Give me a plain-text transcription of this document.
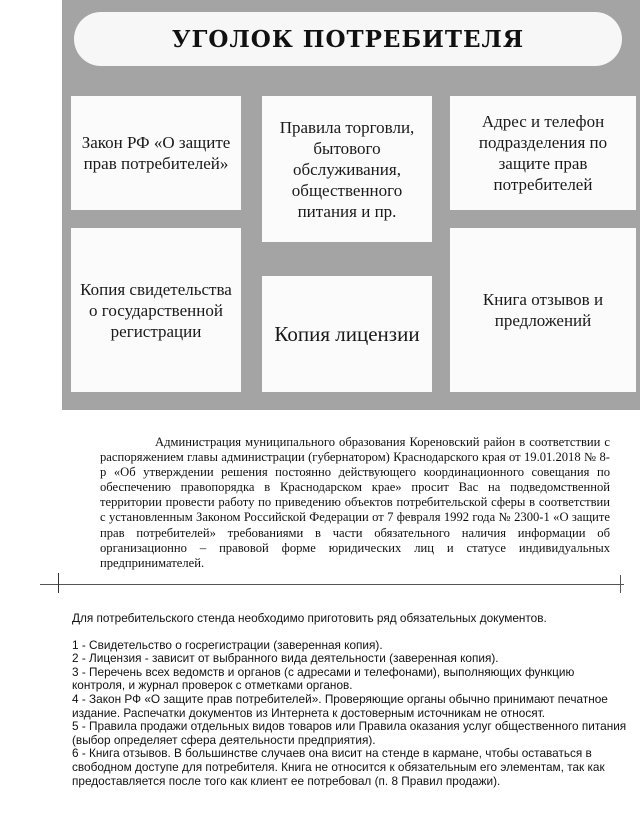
УГОЛОК ПОТРЕБИТЕЛЯ
Закон РФ «О защите прав потребителей»
Правила торговли, бытового обслуживания, общественного питания и пр.
Адрес и телефон подразделения по защите прав потребителей
Копия свидетельства о государственной регистрации	Копия лицензии
Книга отзывов и предложений
Администрация муниципального образования Кореновский район в соответствии с распоряжением главы администрации (губернатором) Краснодарского края от 19.01.2018 № 8-р «Об утверждении решения постоянно действующего координационного совещания по обеспечению правопорядка в Краснодарском крае» просит Вас на подведомственной территории провести работу по приведению объектов потребительской сферы в соответствии с установленным Законом Российской Федерации от 7 февраля 1992 года № 2300-1 «О защите прав потребителей» требованиями в части обязательного наличия информации об организационно – правовой форме юридических лиц и статусе индивидуальных предпринимателей.

Для потребительского стенда необходимо приготовить ряд обязательных документов.

1 - Свидетельство о госрегистрации (заверенная копия).

2 - Лицензия - зависит от выбранного вида деятельности (заверенная копия).

3 - Перечень всех ведомств и органов (с адресами и телефонами), выполняющих функцию контроля, и журнал проверок с отметками органов.

4 - Закон РФ «О защите прав потребителей». Проверяющие органы обычно принимают печатное издание. Распечатки документов из Интернета к достоверным источникам не относят.

5 - Правила продажи отдельных видов товаров или Правила оказания услуг общественного питания (выбор определяет сфера деятельности предприятия).

6 - Книга отзывов. В большинстве случаев она висит на стенде в кармане, чтобы оставаться в свободном доступе для потребителя. Книга не относится к обязательным его элементам, так как предоставляется после того как клиент ее потребовал (п. 8 Правил продажи).
